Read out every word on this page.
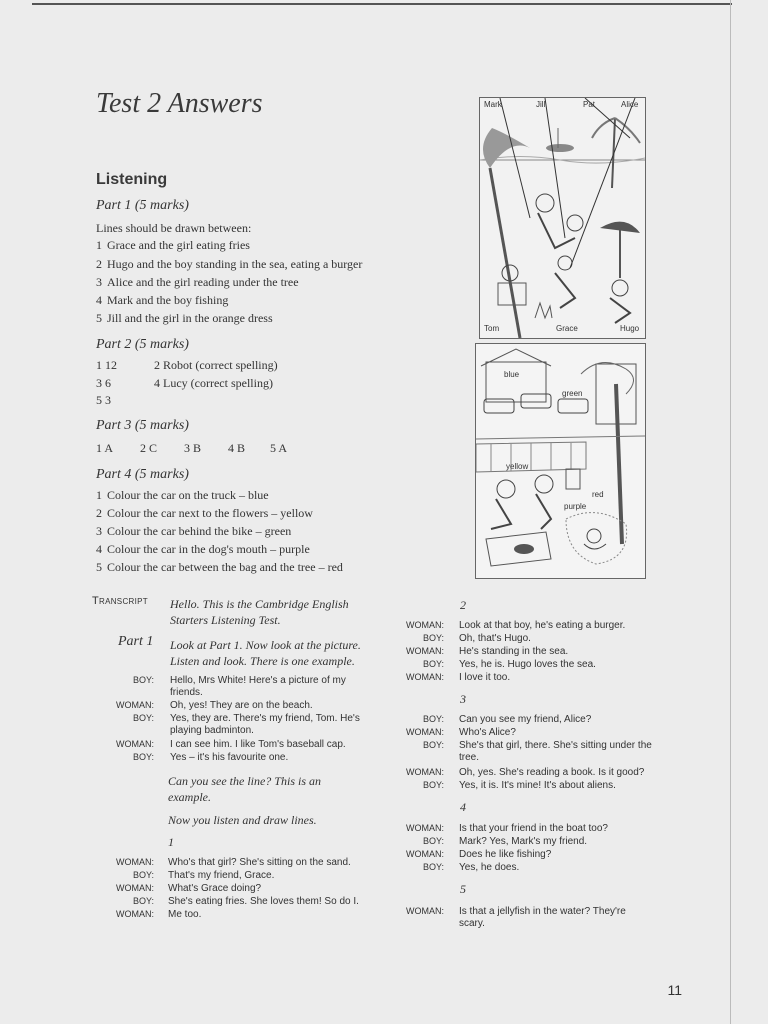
Test 2 Answers
Listening
Part 1 (5 marks)
Lines should be drawn between:
1 Grace and the girl eating fries
2 Hugo and the boy standing in the sea, eating a burger
3 Alice and the girl reading under the tree
4 Mark and the boy fishing
5 Jill and the girl in the orange dress
Part 2 (5 marks)
1 12	2 Robot (correct spelling)
3 6	4 Lucy (correct spelling)
5 3
Part 3 (5 marks)
1 A 2 C 3 B 4 B 5 A
Part 4 (5 marks)
1 Colour the car on the truck – blue
2 Colour the car next to the flowers – yellow
3 Colour the car behind the bike – green
4 Colour the car in the dog's mouth – purple
5 Colour the car between the bag and the tree – red
Mark	Jill	Pat	Alice
Tom	Grace	Hugo
blue
green
yellow
red
purple
Transcript Hello. This is the Cambridge English Starters Listening Test.
Part 1 Look at Part 1. Now look at the picture. Listen and look. There is one example.
BOY: Hello, Mrs White! Here's a picture of my friends.
WOMAN: Oh, yes! They are on the beach.
BOY: Yes, they are. There's my friend, Tom. He's playing badminton.
WOMAN: I can see him. I like Tom's baseball cap.
BOY: Yes – it's his favourite one.
Can you see the line? This is an example.
Now you listen and draw lines.
1
WOMAN: Who's that girl? She's sitting on the sand.
BOY: That's my friend, Grace.
WOMAN: What's Grace doing?
BOY: She's eating fries. She loves them! So do I.
WOMAN: Me too.
2
WOMAN: Look at that boy, he's eating a burger.
BOY: Oh, that's Hugo.
WOMAN: He's standing in the sea.
BOY: Yes, he is. Hugo loves the sea.
WOMAN: I love it too.
3
BOY: Can you see my friend, Alice?
WOMAN: Who's Alice?
BOY: She's that girl, there. She's sitting under the tree.
WOMAN: Oh, yes. She's reading a book. Is it good?
BOY: Yes, it is. It's mine! It's about aliens.
4
WOMAN: Is that your friend in the boat too?
BOY: Mark? Yes, Mark's my friend.
WOMAN: Does he like fishing?
BOY: Yes, he does.
5
WOMAN: Is that a jellyfish in the water? They're scary.
11
